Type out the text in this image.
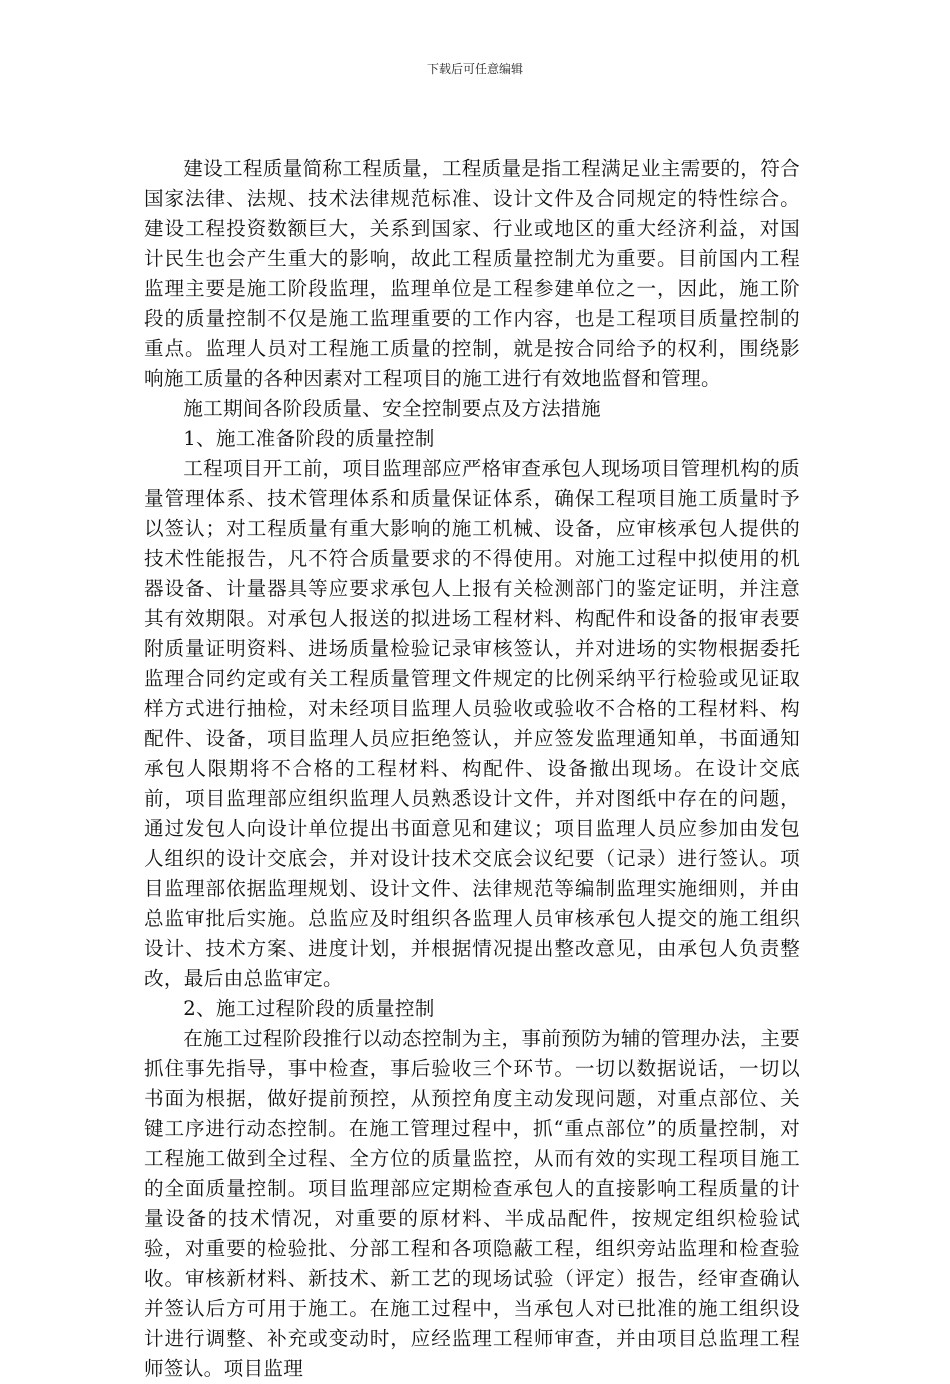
下载后可任意编辑

建设工程质量简称工程质量，工程质量是指工程满足业主需要的，符合国家法律、法规、技术法律规范标准、设计文件及合同规定的特性综合。建设工程投资数额巨大，关系到国家、行业或地区的重大经济利益，对国计民生也会产生重大的影响，故此工程质量控制尤为重要。目前国内工程监理主要是施工阶段监理，监理单位是工程参建单位之一，因此，施工阶段的质量控制不仅是施工监理重要的工作内容，也是工程项目质量控制的重点。监理人员对工程施工质量的控制，就是按合同给予的权利，围绕影响施工质量的各种因素对工程项目的施工进行有效地监督和管理。

施工期间各阶段质量、安全控制要点及方法措施

1、施工准备阶段的质量控制

工程项目开工前，项目监理部应严格审查承包人现场项目管理机构的质量管理体系、技术管理体系和质量保证体系，确保工程项目施工质量时予以签认；对工程质量有重大影响的施工机械、设备，应审核承包人提供的技术性能报告，凡不符合质量要求的不得使用。对施工过程中拟使用的机器设备、计量器具等应要求承包人上报有关检测部门的鉴定证明，并注意其有效期限。对承包人报送的拟进场工程材料、构配件和设备的报审表要附质量证明资料、进场质量检验记录审核签认，并对进场的实物根据委托监理合同约定或有关工程质量管理文件规定的比例采纳平行检验或见证取样方式进行抽检，对未经项目监理人员验收或验收不合格的工程材料、构配件、设备，项目监理人员应拒绝签认，并应签发监理通知单，书面通知承包人限期将不合格的工程材料、构配件、设备撤出现场。在设计交底前，项目监理部应组织监理人员熟悉设计文件，并对图纸中存在的问题，通过发包人向设计单位提出书面意见和建议；项目监理人员应参加由发包人组织的设计交底会，并对设计技术交底会议纪要（记录）进行签认。项目监理部依据监理规划、设计文件、法律规范等编制监理实施细则，并由总监审批后实施。总监应及时组织各监理人员审核承包人提交的施工组织设计、技术方案、进度计划，并根据情况提出整改意见，由承包人负责整改，最后由总监审定。

2、施工过程阶段的质量控制

在施工过程阶段推行以动态控制为主，事前预防为辅的管理办法，主要抓住事先指导，事中检查，事后验收三个环节。一切以数据说话，一切以书面为根据，做好提前预控，从预控角度主动发现问题，对重点部位、关键工序进行动态控制。在施工管理过程中，抓“重点部位”的质量控制，对工程施工做到全过程、全方位的质量监控，从而有效的实现工程项目施工的全面质量控制。项目监理部应定期检查承包人的直接影响工程质量的计量设备的技术情况，对重要的原材料、半成品配件，按规定组织检验试验，对重要的检验批、分部工程和各项隐蔽工程，组织旁站监理和检查验收。审核新材料、新技术、新工艺的现场试验（评定）报告，经审查确认并签认后方可用于施工。在施工过程中，当承包人对已批准的施工组织设计进行调整、补充或变动时，应经监理工程师审查，并由项目总监理工程师签认。项目监理
